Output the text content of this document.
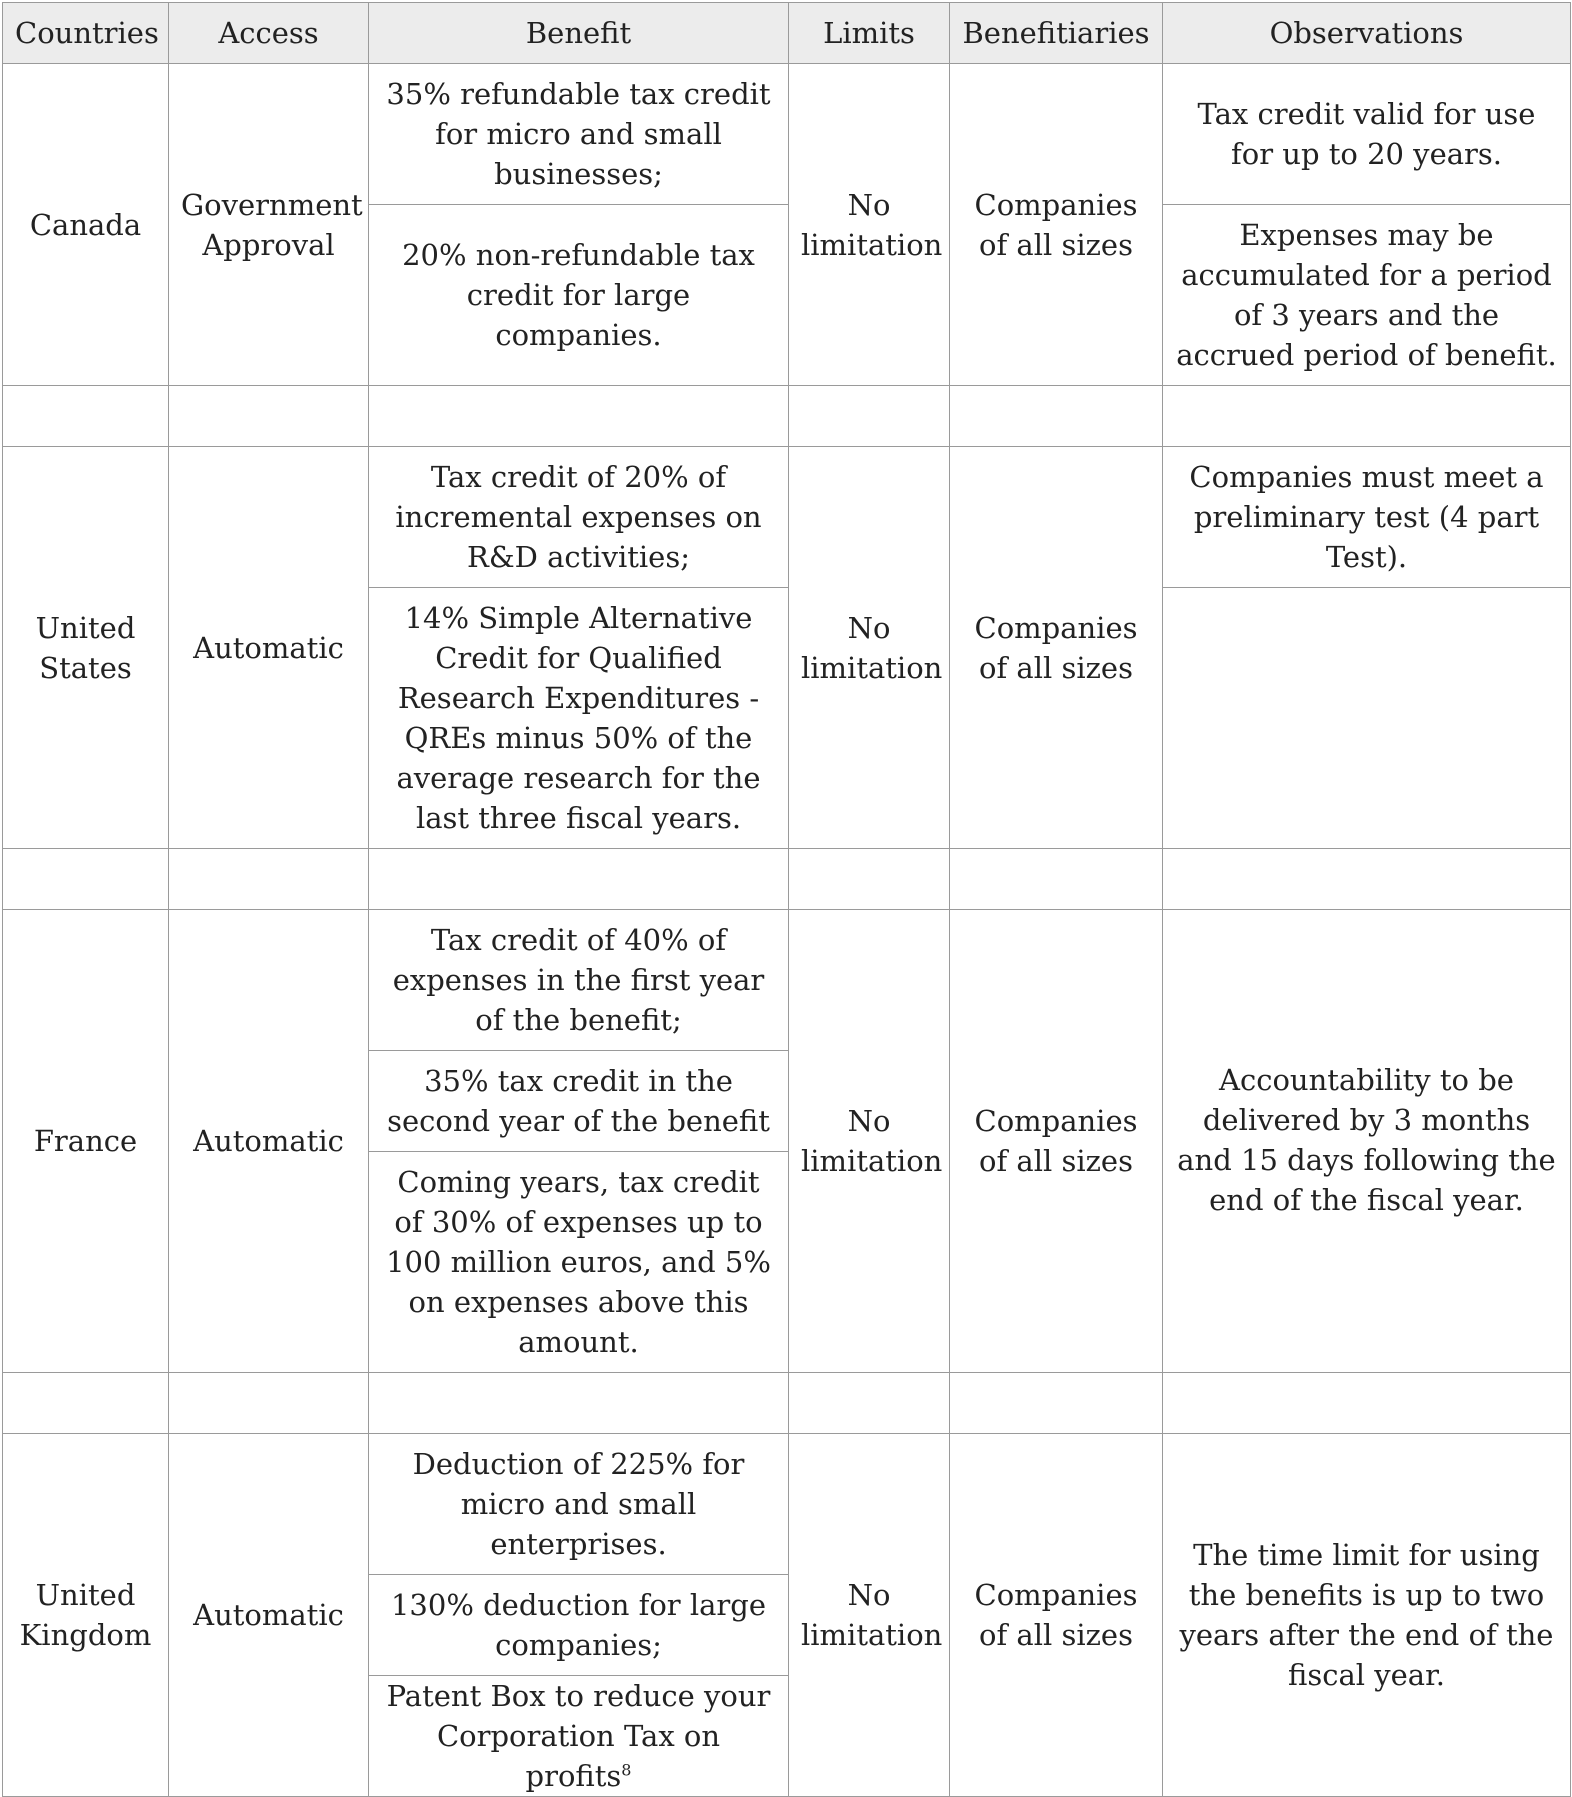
Countries	Access	Benefit	Limits	Benefitiaries	Observations
Canada	Government Approval	35% refundable tax credit for micro and small businesses;	No limitation	Companies of all sizes	Tax credit valid for use for up to 20 years.
		20% non-refundable tax credit for large companies.			Expenses may be accumulated for a period of 3 years and the accrued period of benefit.

United States	Automatic	Tax credit of 20% of incremental expenses on R&D activities;	No limitation	Companies of all sizes	Companies must meet a preliminary test (4 part Test).
		14% Simple Alternative Credit for Qualified Research Expenditures - QREs minus 50% of the average research for the last three fiscal years.			

France	Automatic	Tax credit of 40% of expenses in the first year of the benefit;	No limitation	Companies of all sizes	Accountability to be delivered by 3 months and 15 days following the end of the fiscal year.
		35% tax credit in the second year of the benefit			
		Coming years, tax credit of 30% of expenses up to 100 million euros, and 5% on expenses above this amount.			

United Kingdom	Automatic	Deduction of 225% for micro and small enterprises.	No limitation	Companies of all sizes	The time limit for using the benefits is up to two years after the end of the fiscal year.
		130% deduction for large companies;			
		Patent Box to reduce your Corporation Tax on profits$^8$
